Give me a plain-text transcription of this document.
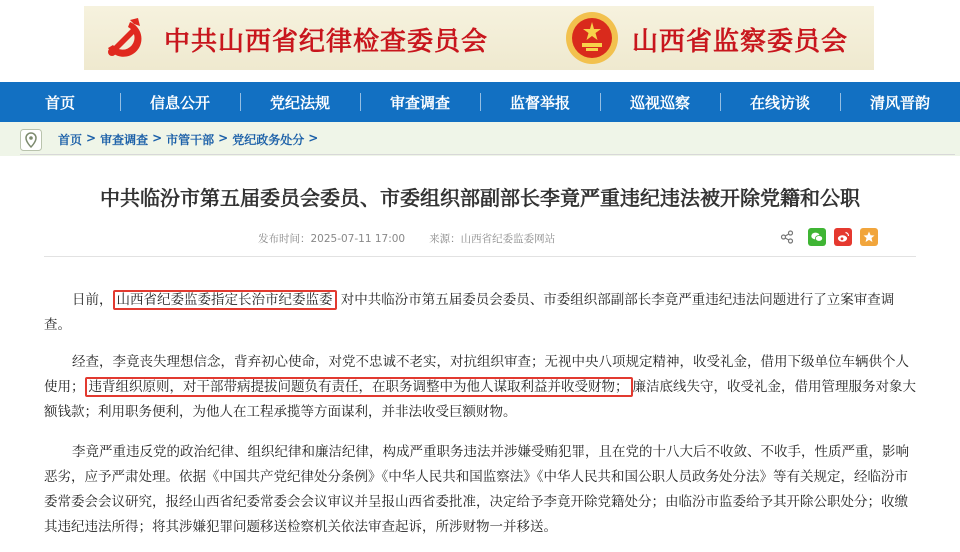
中共山西省纪律检查委员会	山西省监察委员会
首页	信息公开	党纪法规	审查调查	监督举报	巡视巡察	在线访谈	清风晋韵
首页 > 审查调查 > 市管干部 > 党纪政务处分 >
中共临汾市第五届委员会委员、市委组织部副部长李竟严重违纪违法被开除党籍和公职
发布时间：2025-07-11 17:00 来源：山西省纪委监委网站

日前， 山西省纪委监委指定长治市纪委监委 对中共临汾市第五届委员会委员、市委组织部副部长李竟严重违纪违法问题进行了立案审查调查。

经查，李竟丧失理想信念，背弃初心使命，对党不忠诚不老实，对抗组织审查；无视中央八项规定精神，收受礼金，借用下级单位车辆供个人使用； 违背组织原则，对干部带病提拔问题负有责任，在职务调整中为他人谋取利益并收受财物； 廉洁底线失守，收受礼金，借用管理服务对象大额钱款；利用职务便利，为他人在工程承揽等方面谋利，并非法收受巨额财物。

李竟严重违反党的政治纪律、组织纪律和廉洁纪律，构成严重职务违法并涉嫌受贿犯罪，且在党的十八大后不收敛、不收手，性质严重，影响恶劣，应予严肃处理。依据《中国共产党纪律处分条例》《中华人民共和国监察法》《中华人民共和国公职人员政务处分法》等有关规定，经临汾市委常委会会议研究，报经山西省纪委常委会会议审议并呈报山西省委批准，决定给予李竟开除党籍处分；由临汾市监委给予其开除公职处分；收缴其违纪违法所得；将其涉嫌犯罪问题移送检察机关依法审查起诉，所涉财物一并移送。
